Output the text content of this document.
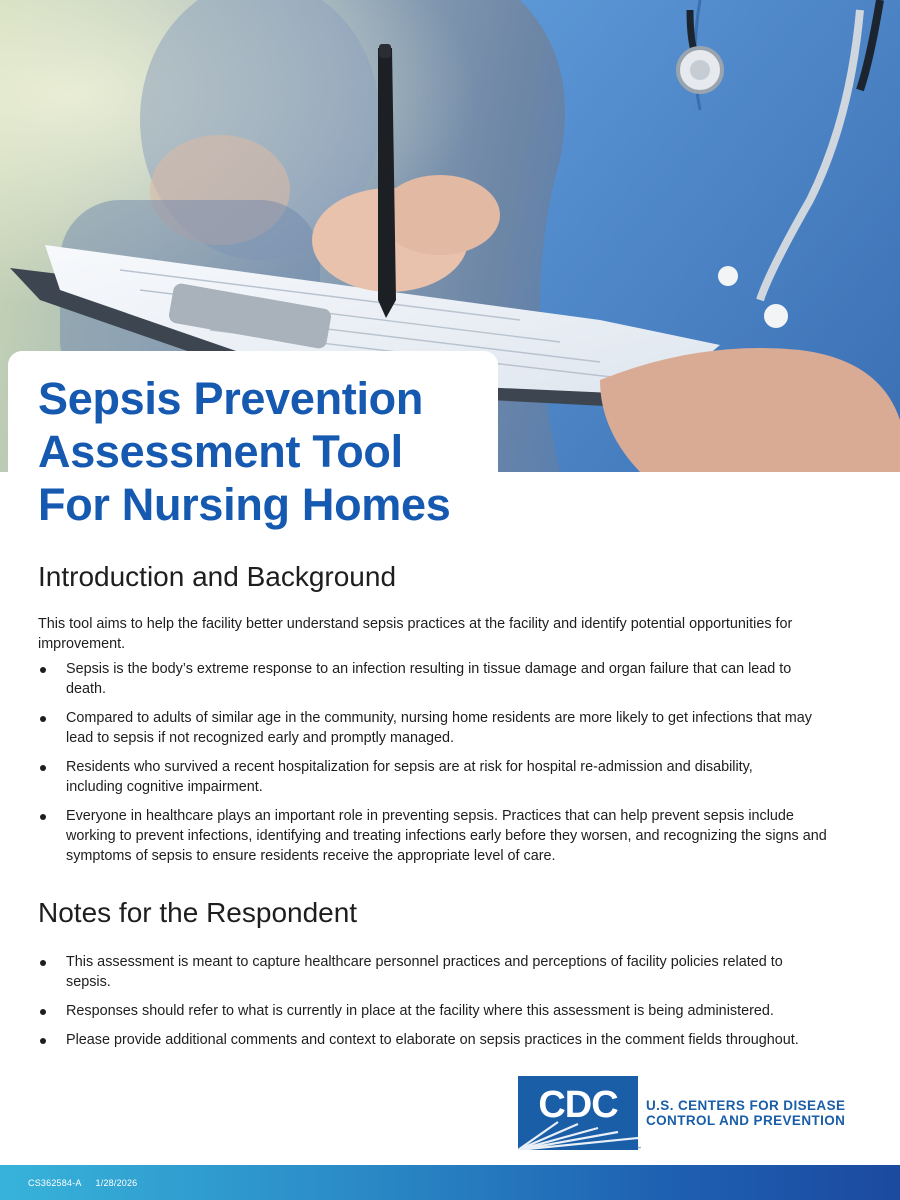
Sepsis Prevention
Assessment Tool
For Nursing Homes
Introduction and Background

This tool aims to help the facility better understand sepsis practices at the facility and identify potential opportunities for improvement.

Sepsis is the body’s extreme response to an infection resulting in tissue damage and organ failure that can lead to death.
Compared to adults of similar age in the community, nursing home residents are more likely to get infections that may lead to sepsis if not recognized early and promptly managed.
Residents who survived a recent hospitalization for sepsis are at risk for hospital re-admission and disability, including cognitive impairment.
Everyone in healthcare plays an important role in preventing sepsis. Practices that can help prevent sepsis include working to prevent infections, identifying and treating infections early before they worsen, and recognizing the signs and symptoms of sepsis to ensure residents receive the appropriate level of care.
Notes for the Respondent
This assessment is meant to capture healthcare personnel practices and perceptions of facility policies related to sepsis.
Responses should refer to what is currently in place at the facility where this assessment is being administered.
Please provide additional comments and context to elaborate on sepsis practices in the comment fields throughout.
CDC
™
U.S. CENTERS FOR DISEASE
CONTROL AND PREVENTION
CS362584-A 1/28/2026
